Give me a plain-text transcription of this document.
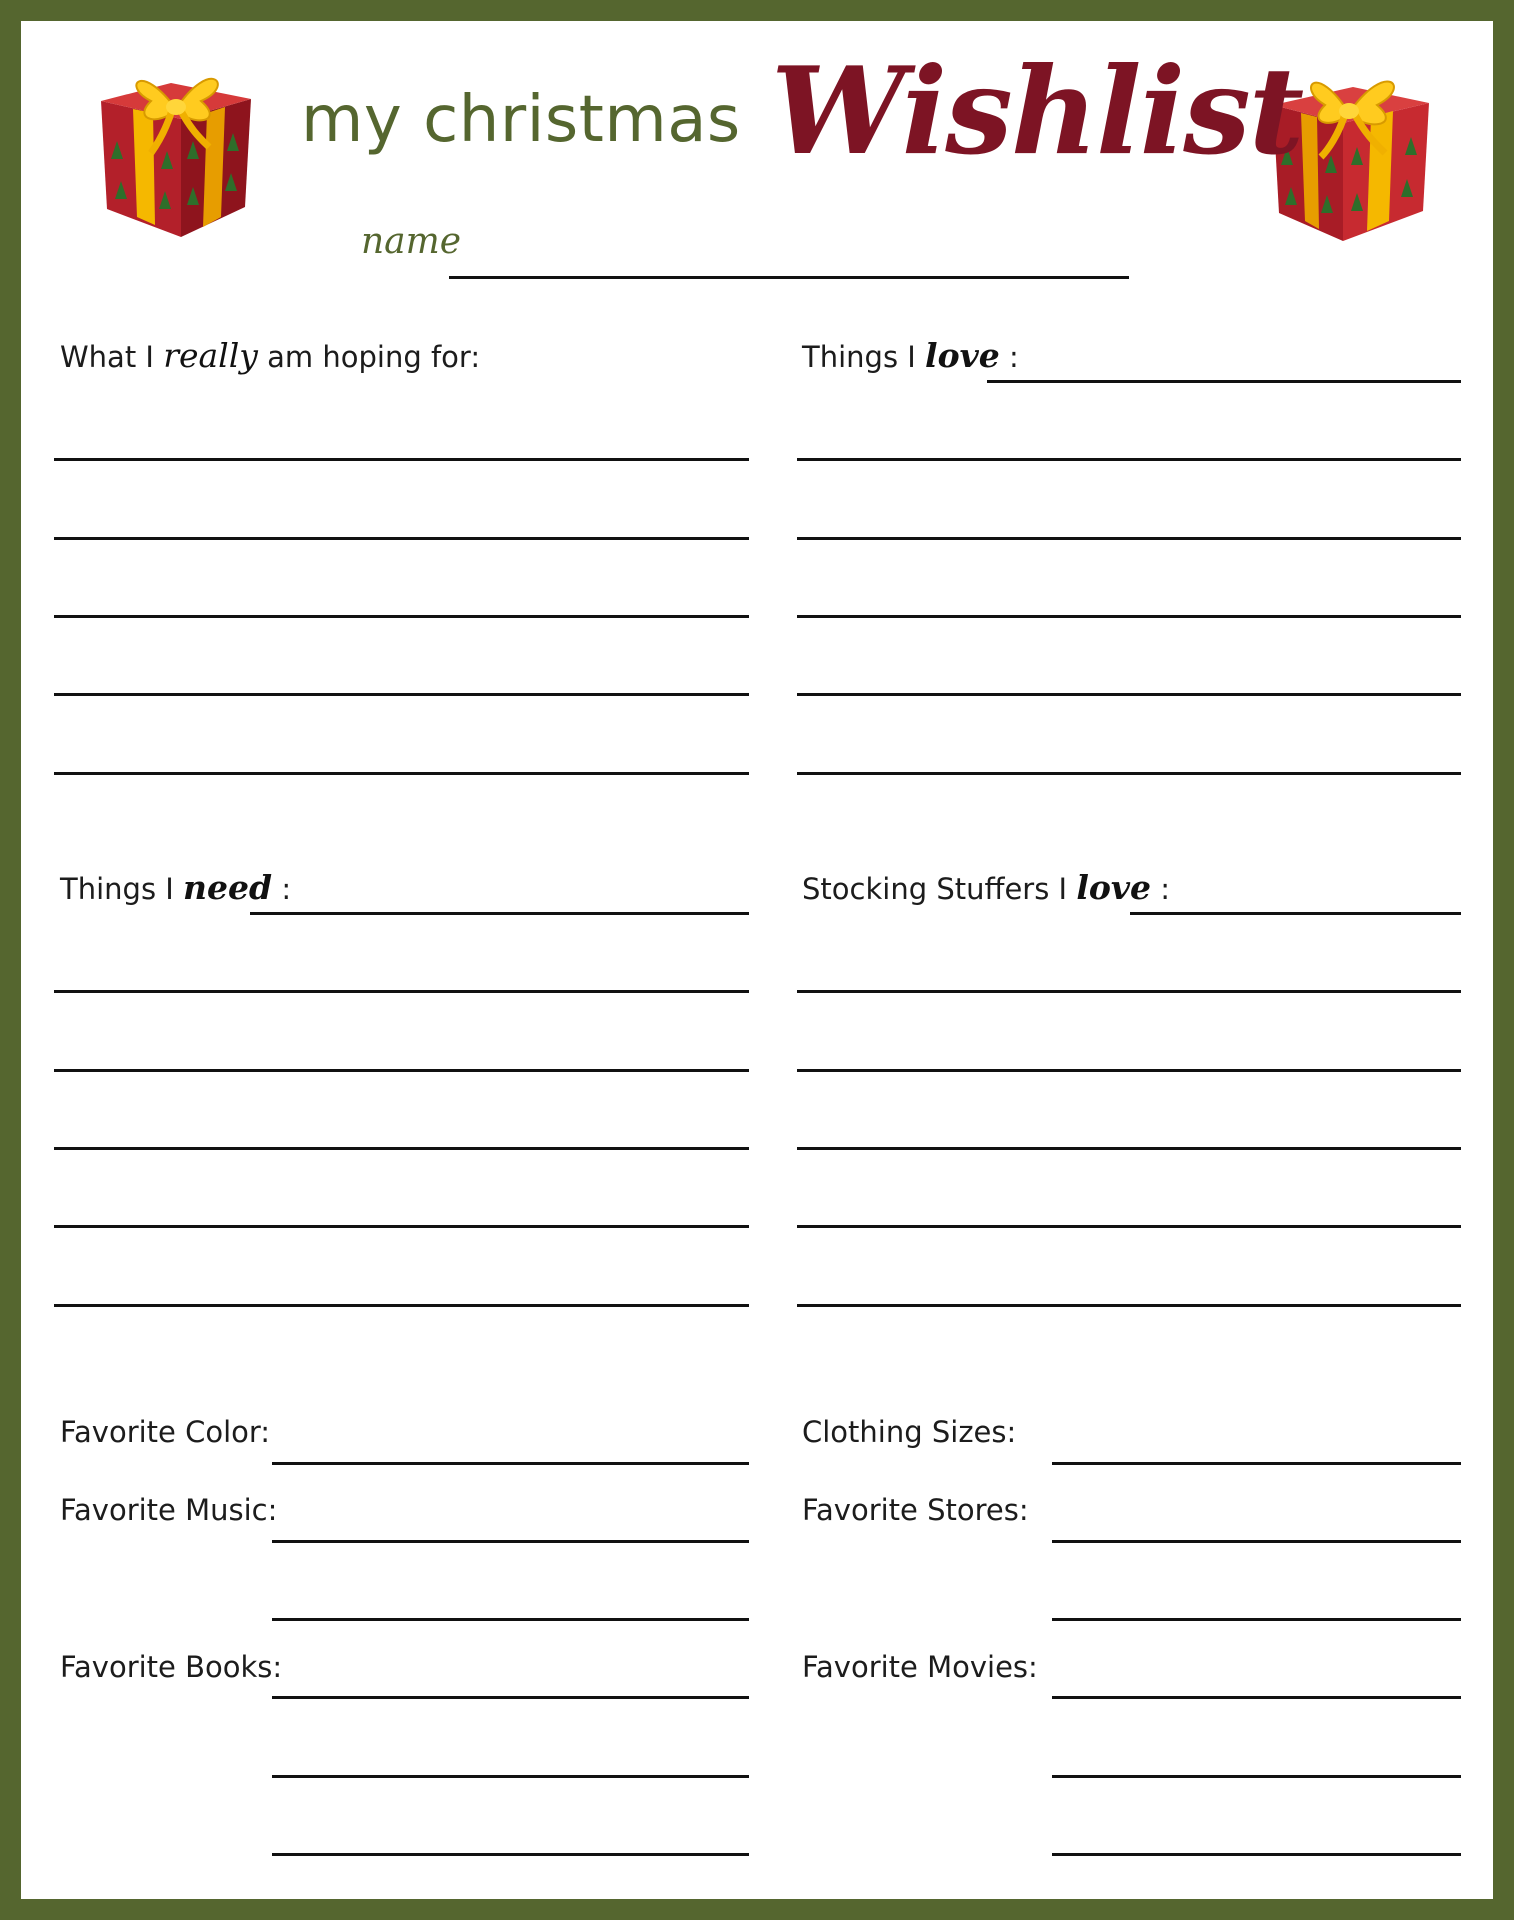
my christmas Wishlist
name
What I really am hoping for:	Things I love :
Things I need :	Stocking Stuffers I love :
Favorite Color:
Favorite Music:
Favorite Books:
Clothing Sizes:
Favorite Stores:
Favorite Movies:
